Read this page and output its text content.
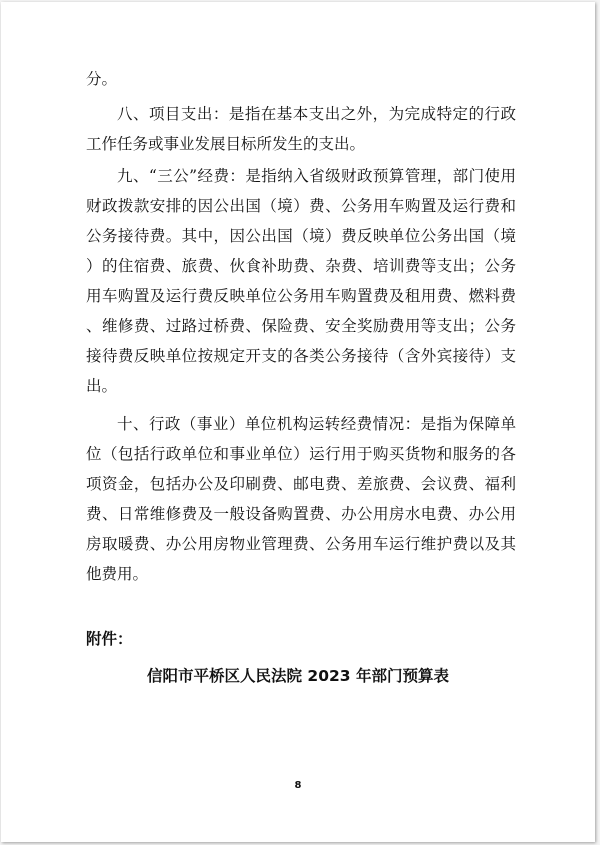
分。
八、项目支出：是指在基本支出之外，为完成特定的行政
工作任务或事业发展目标所发生的支出。
九、“三公”经费：是指纳入省级财政预算管理，部门使用
财政拨款安排的因公出国（境）费、公务用车购置及运行费和
公务接待费。其中，因公出国（境）费反映单位公务出国（境
）的住宿费、旅费、伙食补助费、杂费、培训费等支出；公务
用车购置及运行费反映单位公务用车购置费及租用费、燃料费
、维修费、过路过桥费、保险费、安全奖励费用等支出；公务
接待费反映单位按规定开支的各类公务接待（含外宾接待）支
出。
十、行政（事业）单位机构运转经费情况：是指为保障单
位（包括行政单位和事业单位）运行用于购买货物和服务的各
项资金，包括办公及印刷费、邮电费、差旅费、会议费、福利
费、日常维修费及一般设备购置费、办公用房水电费、办公用
房取暖费、办公用房物业管理费、公务用车运行维护费以及其
他费用。
附件：
信阳市平桥区人民法院 2023 年部门预算表
8
